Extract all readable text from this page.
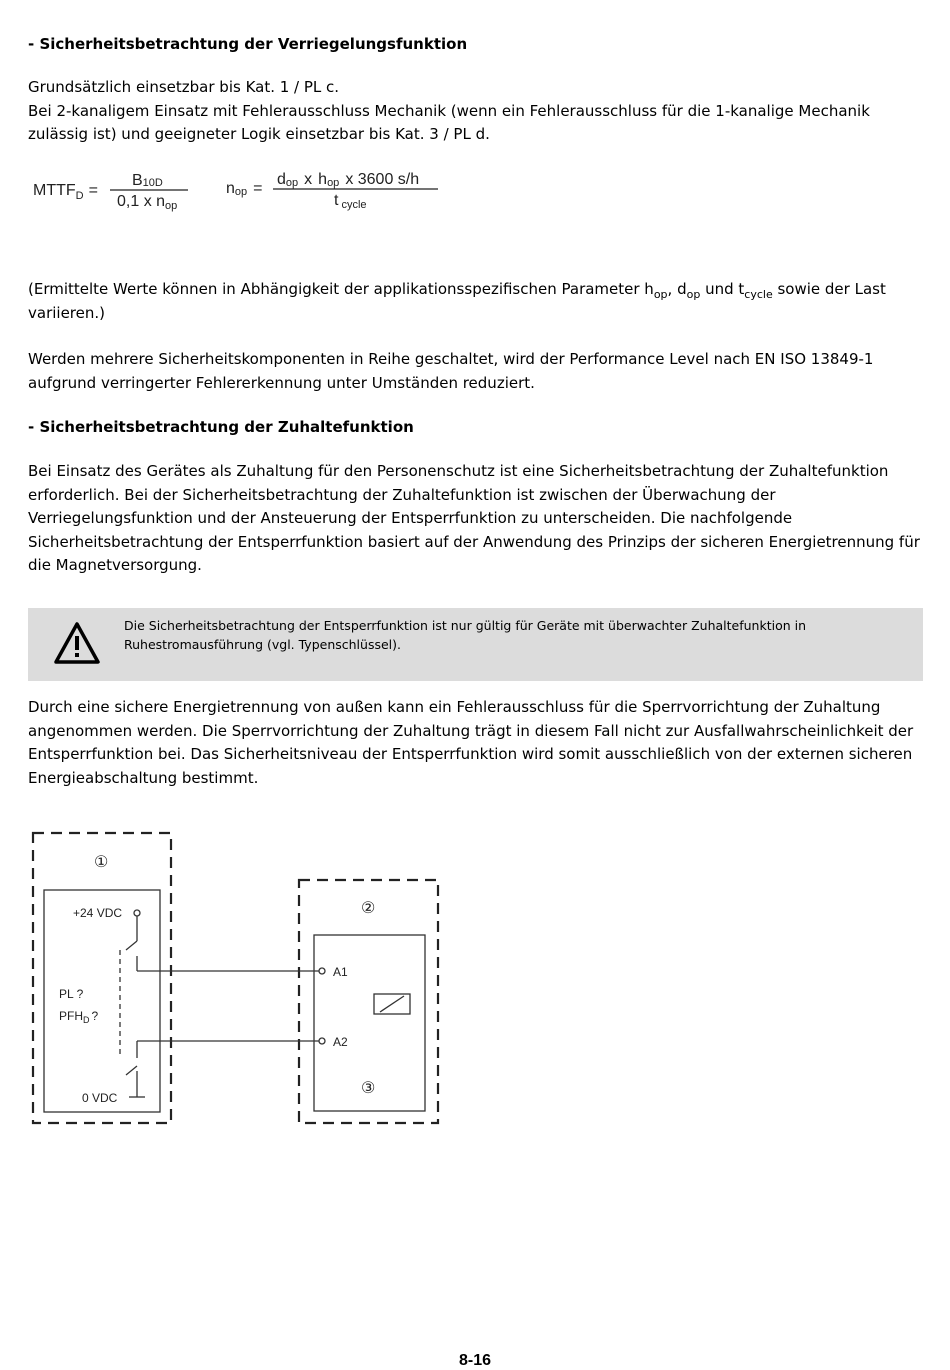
- Sicherheitsbetrachtung der Verriegelungsfunktion

Grundsätzlich einsetzbar bis Kat. 1 / PL c.

Bei 2-kanaligem Einsatz mit Fehlerausschluss Mechanik (wenn ein Fehlerausschluss für die 1-kanalige Mechanik zulässig ist) und geeigneter Logik einsetzbar bis Kat. 3 / PL d.

$MTTF_D$ =
B10D
0,1 x nop
nop =
dop x hop x 3600 s/h
t cycle

(Ermittelte Werte können in Abhängigkeit der applikationsspezifischen Parameter $h_{op}$, $d_{op}$ und $t_{cycle}$ sowie der Last variieren.)

Werden mehrere Sicherheitskomponenten in Reihe geschaltet, wird der Performance Level nach EN ISO 13849-1 aufgrund verringerter Fehlererkennung unter Umständen reduziert.

- Sicherheitsbetrachtung der Zuhaltefunktion

Bei Einsatz des Gerätes als Zuhaltung für den Personenschutz ist eine Sicherheitsbetrachtung der Zuhaltefunktion erforderlich. Bei der Sicherheitsbetrachtung der Zuhaltefunktion ist zwischen der Überwachung der Verriegelungsfunktion und der Ansteuerung der Entsperrfunktion zu unterscheiden. Die nachfolgende Sicherheitsbetrachtung der Entsperrfunktion basiert auf der Anwendung des Prinzips der sicheren Energietrennung für die Magnetversorgung.

Die Sicherheitsbetrachtung der Entsperrfunktion ist nur gültig für Geräte mit überwachter Zuhaltefunktion in Ruhestromausführung (vgl. Typenschlüssel).

Durch eine sichere Energietrennung von außen kann ein Fehlerausschluss für die Sperrvorrichtung der Zuhaltung angenommen werden. Die Sperrvorrichtung der Zuhaltung trägt in diesem Fall nicht zur Ausfallwahrscheinlichkeit der Entsperrfunktion bei. Das Sicherheitsniveau der Entsperrfunktion wird somit ausschließlich von der externen sicheren Energieabschaltung bestimmt.

①
②
③
+24 VDC
0 VDC
PL ?
$PFH_D$ ?
A1
A2
8-16
